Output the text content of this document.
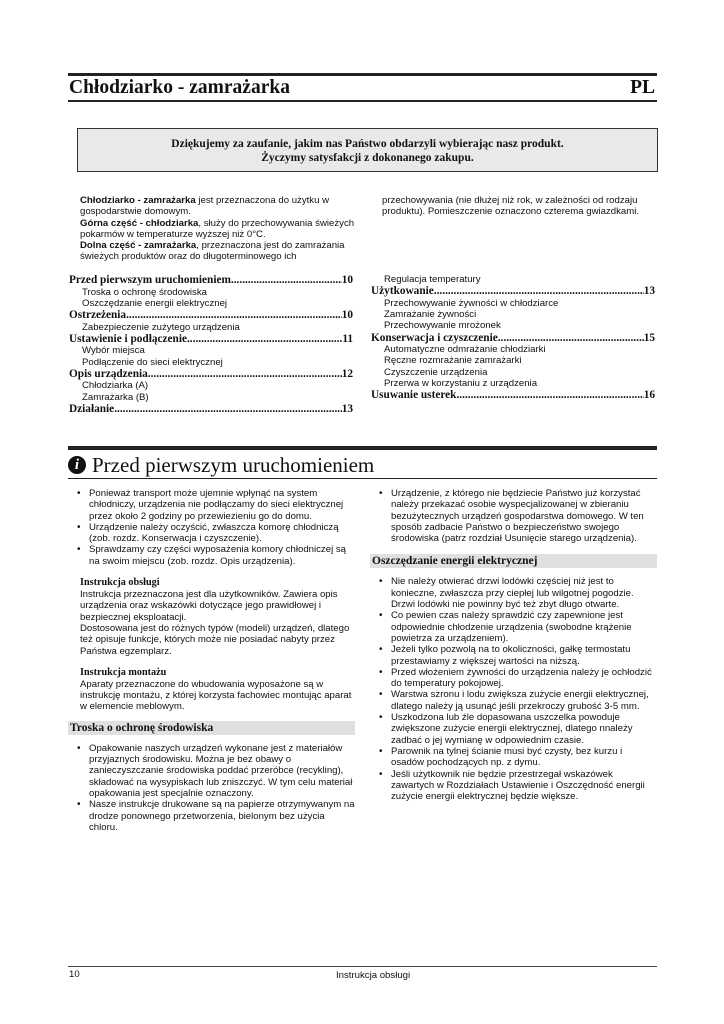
Chłodziarko - zamrażarka	PL

Dziękujemy za zaufanie, jakim nas Państwo obdarzyli wybierając nasz produkt.

Życzymy satysfakcji z dokonanego zakupu.

Chłodziarko - zamrażarka jest przeznaczona do użytku w gospodarstwie domowym.
Górna część - chłodziarka, służy do przechowywania świeżych pokarmów w temperaturze wyższej niż 0°C.
Dolna część - zamrażarka, przeznaczona jest do zamrażania świeżych produktów oraz do długoterminowego ich
przechowywania (nie dłużej niż rok, w zależności od rodzaju produktu). Pomieszczenie oznaczono czterema gwiazdkami.
Przed pierwszym uruchomieniem .....	10
Troska o ochronę środowiska
Oszczędzanie energii elektrycznej
Ostrzeżenia .....	10
Zabezpieczenie zużytego urządzenia
Ustawienie i podłączenie .....	11
Wybór miejsca
Podłączenie do sieci elektrycznej
Opis urządzenia .....	12
Chłodziarka (A)
Zamrażarka (B)
Działanie .....	13
Regulacja temperatury
Użytkowanie .....	13
Przechowywanie żywności w chłodziarce
Zamrażanie żywności
Przechowywanie mrożonek
Konserwacja i czyszczenie .....	15
Automatyczne odmrażanie chłodziarki
Ręczne rozmrażanie zamrażarki
Czyszczenie urządzenia
Przerwa w korzystaniu z urządzenia
Usuwanie usterek .....	16
i Przed pierwszym uruchomieniem
• Ponieważ transport może ujemnie wpłynąć na system chłodniczy, urządzenia nie podłączamy do sieci elektrycznej przez około 2 godziny po przewiezieniu go do domu.
• Urządzenie należy oczyścić, zwłaszcza komorę chłodniczą (zob. rozdz. Konserwacja i czyszczenie).
• Sprawdzamy czy części wyposażenia komory chłodniczej są na swoim miejscu (zob. rozdz. Opis urządzenia).
Instrukcja obsługi
Instrukcja przeznaczona jest dla użytkowników. Zawiera opis urządzenia oraz wskazówki dotyczące jego prawidłowej i bezpiecznej eksploatacji.
Dostosowana jest do różnych typów (modeli) urządzeń, dlatego też opisuje funkcje, których może nie posiadać nabyty przez Państwa egzemplarz.
Instrukcja montażu
Aparaty przeznaczone do wbudowania wyposażone są w instrukcję montażu, z której korzysta fachowiec montując aparat w elemencie meblowym.
Troska o ochronę środowiska
• Opakowanie naszych urządzeń wykonane jest z materiałów przyjaznych środowisku. Można je bez obawy o zanieczyszczanie środowiska poddać przeróbce (recykling), składować na wysypiskach lub zniszczyć. W tym celu materiał opakowania jest specjalnie oznaczony.
• Nasze instrukcje drukowane są na papierze otrzymywanym na drodze ponownego przetworzenia, bielonym bez użycia chloru.
• Urządzenie, z którego nie będziecie Państwo już korzystać należy przekazać osobie wyspecjalizowanej w zbieraniu bezużytecznych urządzeń gospodarstwa domowego. W ten sposób zadbacie Państwo o bezpieczeństwo swojego środowiska (patrz rozdział Usunięcie starego urządzenia).
Oszczędzanie energii elektrycznej
• Nie należy otwierać drzwi lodówki częściej niż jest to konieczne, zwłaszcza przy ciepłej lub wilgotnej pogodzie. Drzwi lodówki nie powinny być też zbyt długo otwarte.
• Co pewien czas należy sprawdzić czy zapewnione jest odpowiednie chłodzenie urządzenia (swobodne krążenie powietrza za urządzeniem).
• Jeżeli tylko pozwolą na to okoliczności, gałkę termostatu przestawiamy z większej wartości na niższą.
• Przed włożeniem żywności do urządzenia należy je ochłodzić do temperatury pokojowej.
• Warstwa szronu i lodu zwiększa zużycie energii elektrycznej, dlatego należy ją usunąć jeśli przekroczy grubość 3-5 mm.
• Uszkodzona lub źle dopasowana uszczelka powoduje zwiększone zużycie energii elektrycznej, dlatego nnależy zadbać o jej wymianę w odpowiednim czasie.
• Parownik na tylnej ścianie musi być czysty, bez kurzu i osadów pochodzących np. z dymu.
• Jeśli użytkownik nie będzie przestrzegał wskazówek zawartych w Rozdziałach Ustawienie i Oszczędność energii zużycie energii elektrycznej będzie większe.
10	Instrukcja obsługi
